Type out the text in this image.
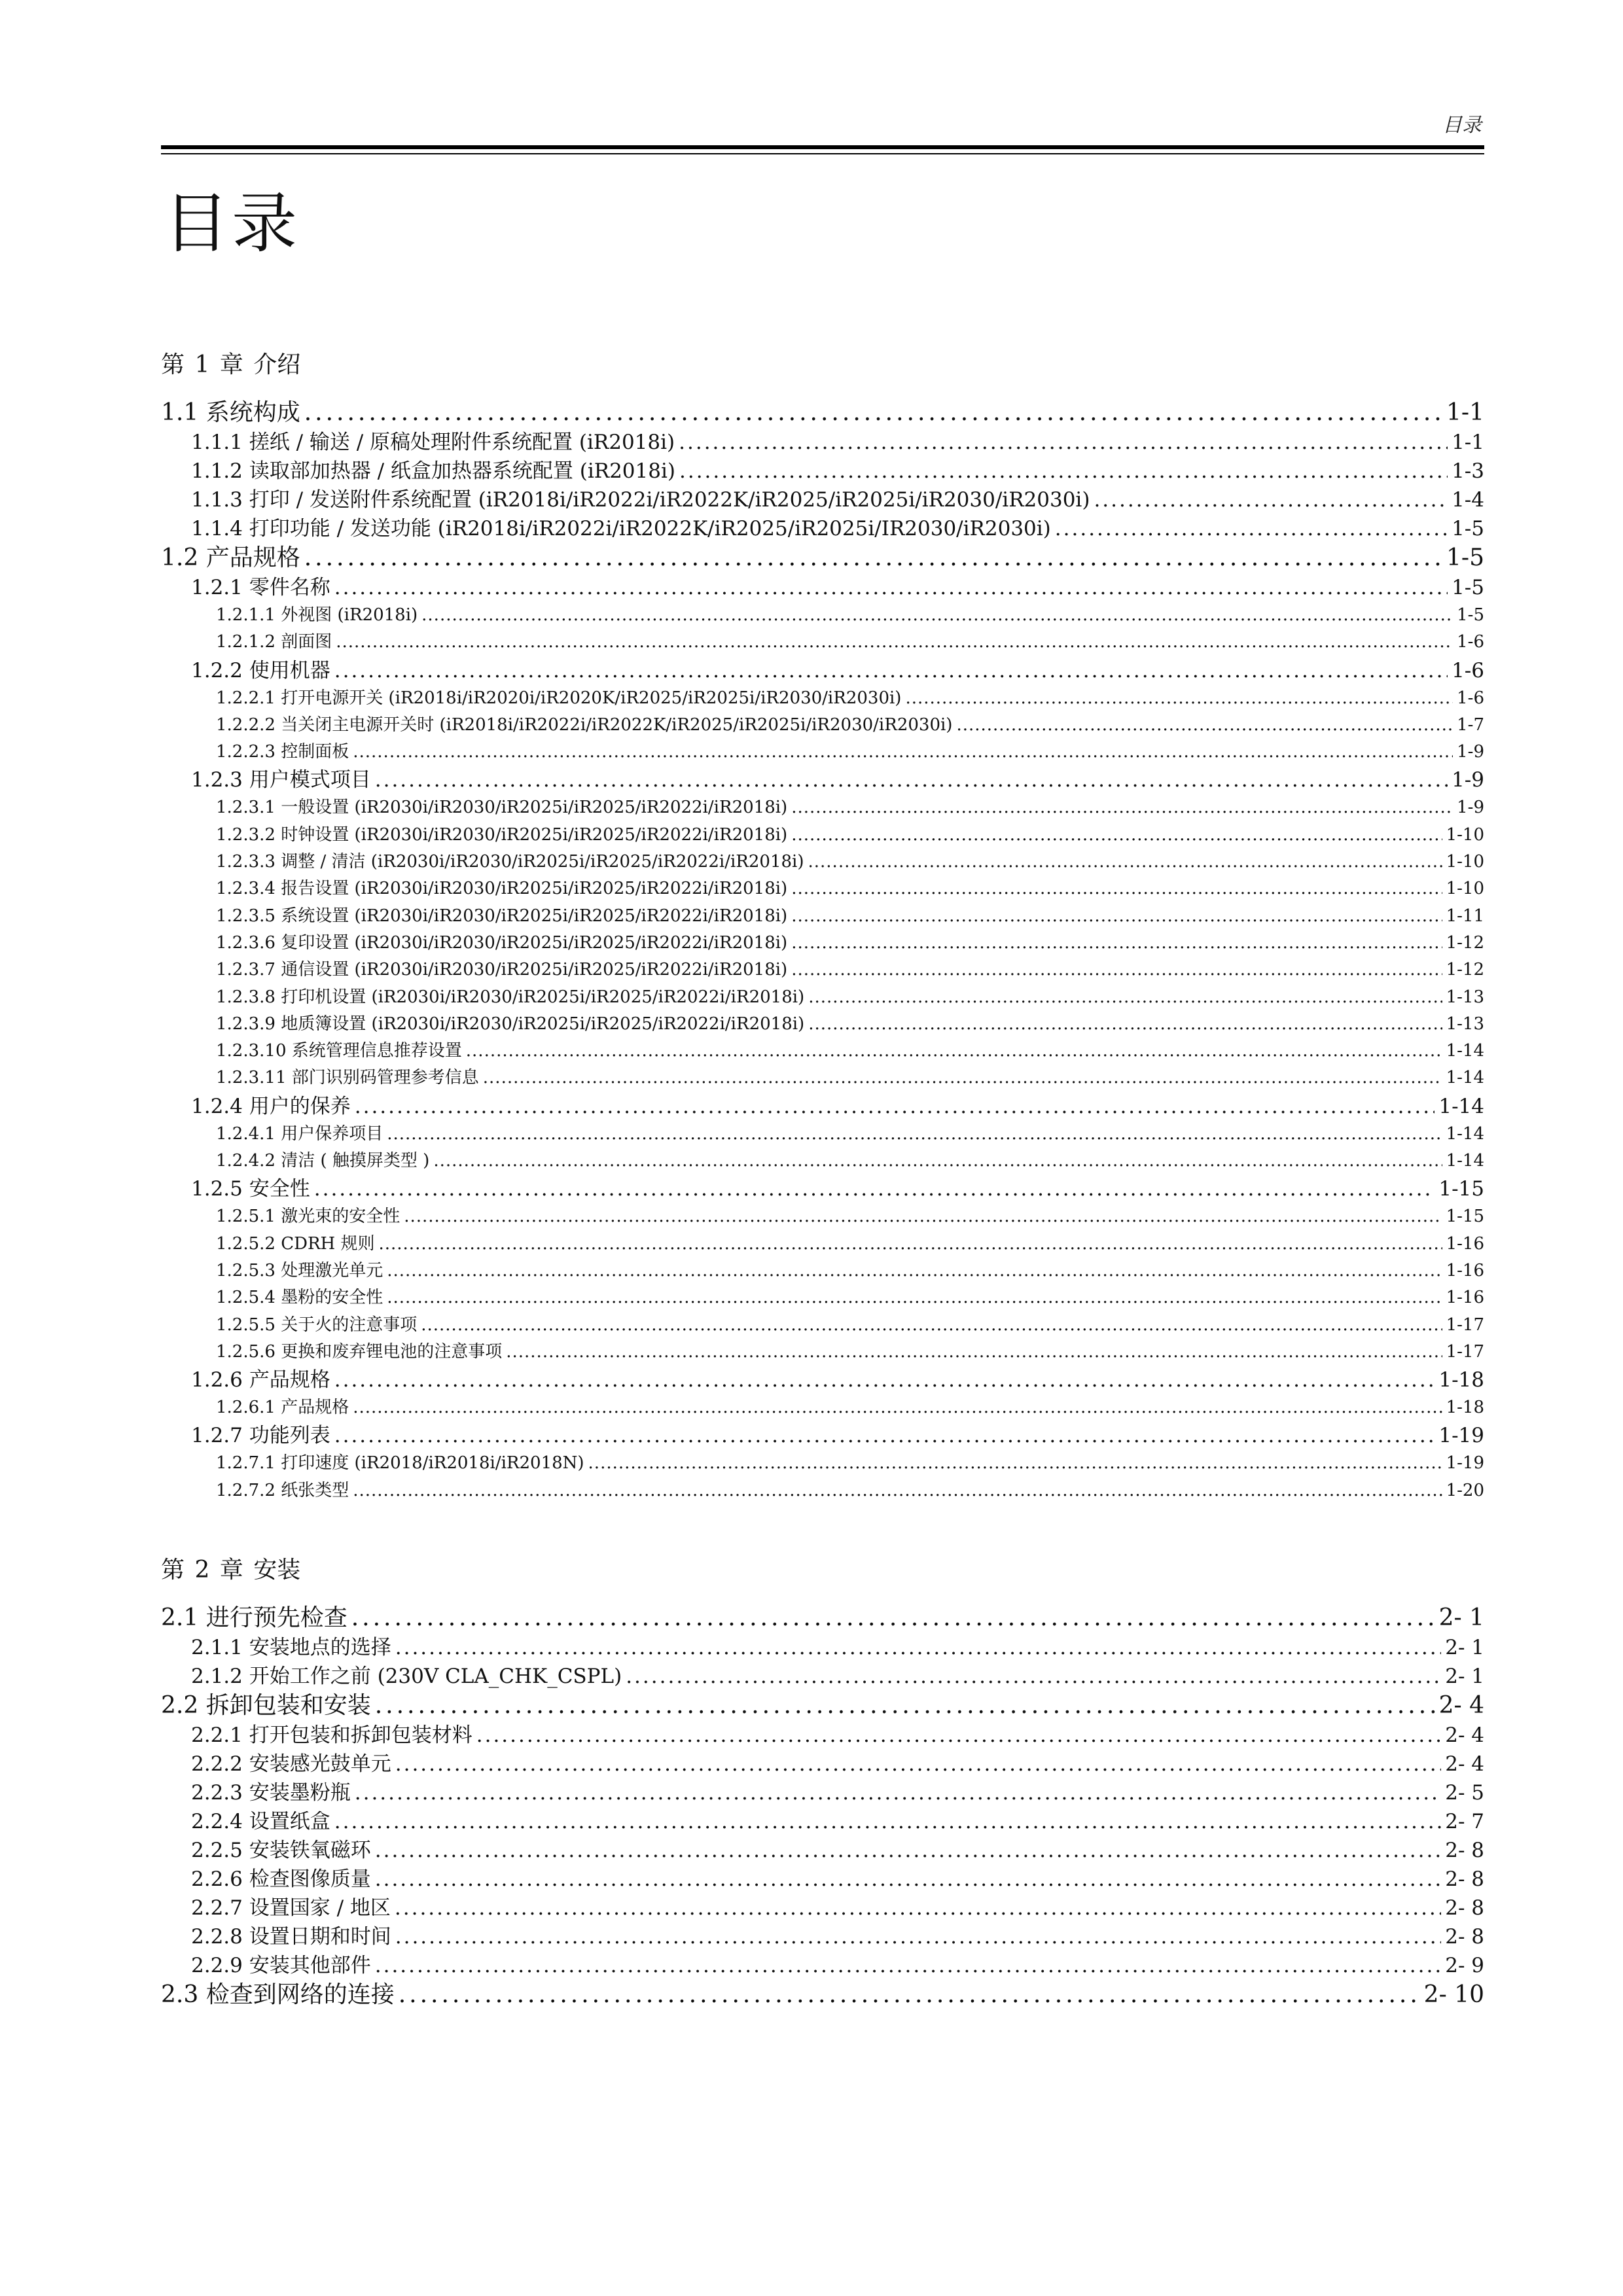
目录
目录
第 1 章 介绍
1.1 系统构成 .....	1-1
1.1.1 搓纸 / 输送 / 原稿处理附件系统配置 (iR2018i) .....	1-1
1.1.2 读取部加热器 / 纸盒加热器系统配置 (iR2018i) .....	1-3
1.1.3 打印 / 发送附件系统配置 (iR2018i/iR2022i/iR2022K/iR2025/iR2025i/iR2030/iR2030i) .....	1-4
1.1.4 打印功能 / 发送功能 (iR2018i/iR2022i/iR2022K/iR2025/iR2025i/IR2030/iR2030i) .....	1-5
1.2 产品规格 .....	1-5
1.2.1 零件名称 .....	1-5
1.2.1.1 外视图 (iR2018i) .....	1-5
1.2.1.2 剖面图 .....	1-6
1.2.2 使用机器 .....	1-6
1.2.2.1 打开电源开关 (iR2018i/iR2020i/iR2020K/iR2025/iR2025i/iR2030/iR2030i) .....	1-6
1.2.2.2 当关闭主电源开关时 (iR2018i/iR2022i/iR2022K/iR2025/iR2025i/iR2030/iR2030i) .....	1-7
1.2.2.3 控制面板 .....	1-9
1.2.3 用户模式项目 .....	1-9
1.2.3.1 一般设置 (iR2030i/iR2030/iR2025i/iR2025/iR2022i/iR2018i) .....	1-9
1.2.3.2 时钟设置 (iR2030i/iR2030/iR2025i/iR2025/iR2022i/iR2018i) .....	1-10
1.2.3.3 调整 / 清洁 (iR2030i/iR2030/iR2025i/iR2025/iR2022i/iR2018i) .....	1-10
1.2.3.4 报告设置 (iR2030i/iR2030/iR2025i/iR2025/iR2022i/iR2018i) .....	1-10
1.2.3.5 系统设置 (iR2030i/iR2030/iR2025i/iR2025/iR2022i/iR2018i) .....	1-11
1.2.3.6 复印设置 (iR2030i/iR2030/iR2025i/iR2025/iR2022i/iR2018i) .....	1-12
1.2.3.7 通信设置 (iR2030i/iR2030/iR2025i/iR2025/iR2022i/iR2018i) .....	1-12
1.2.3.8 打印机设置 (iR2030i/iR2030/iR2025i/iR2025/iR2022i/iR2018i) .....	1-13
1.2.3.9 地质簿设置 (iR2030i/iR2030/iR2025i/iR2025/iR2022i/iR2018i) .....	1-13
1.2.3.10 系统管理信息推荐设置 .....	1-14
1.2.3.11 部门识别码管理参考信息 .....	1-14
1.2.4 用户的保养 .....	1-14
1.2.4.1 用户保养项目 .....	1-14
1.2.4.2 清洁 ( 触摸屏类型 ) .....	1-14
1.2.5 安全性 .....	1-15
1.2.5.1 激光束的安全性 .....	1-15
1.2.5.2 CDRH 规则 .....	1-16
1.2.5.3 处理激光单元 .....	1-16
1.2.5.4 墨粉的安全性 .....	1-16
1.2.5.5 关于火的注意事项 .....	1-17
1.2.5.6 更换和废弃锂电池的注意事项 .....	1-17
1.2.6 产品规格 .....	1-18
1.2.6.1 产品规格 .....	1-18
1.2.7 功能列表 .....	1-19
1.2.7.1 打印速度 (iR2018/iR2018i/iR2018N) .....	1-19
1.2.7.2 纸张类型 .....	1-20
第 2 章 安装
2.1 进行预先检查 .....	2- 1
2.1.1 安装地点的选择 .....	2- 1
2.1.2 开始工作之前 (230V CLA_CHK_CSPL) .....	2- 1
2.2 拆卸包装和安装 .....	2- 4
2.2.1 打开包装和拆卸包装材料 .....	2- 4
2.2.2 安装感光鼓单元 .....	2- 4
2.2.3 安装墨粉瓶 .....	2- 5
2.2.4 设置纸盒 .....	2- 7
2.2.5 安装铁氧磁环 .....	2- 8
2.2.6 检查图像质量 .....	2- 8
2.2.7 设置国家 / 地区 .....	2- 8
2.2.8 设置日期和时间 .....	2- 8
2.2.9 安装其他部件 .....	2- 9
2.3 检查到网络的连接 .....	2- 10
